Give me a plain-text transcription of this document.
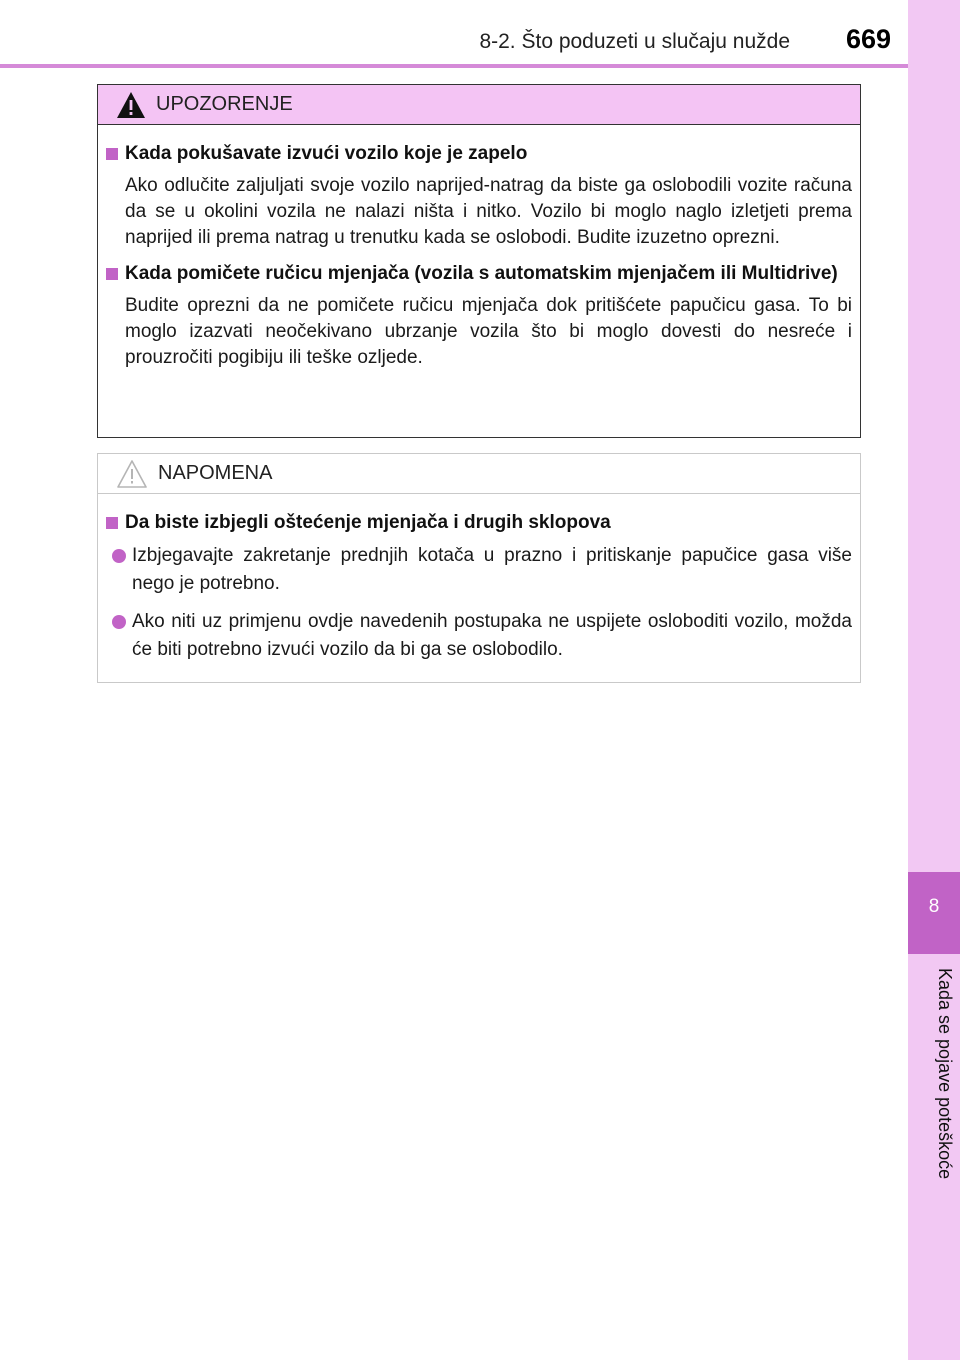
8-2. Što poduzeti u slučaju nužde 669
8
Kada se pojave poteškoće
UPOZORENJE
Kada pokušavate izvući vozilo koje je zapelo

Ako odlučite zaljuljati svoje vozilo naprijed-natrag da biste ga oslobodili vozite računa da se u okolini vozila ne nalazi ništa i nitko. Vozilo bi moglo naglo izletjeti prema naprijed ili prema natrag u trenutku kada se oslobodi. Budite izuzetno oprezni.

Kada pomičete ručicu mjenjača (vozila s automatskim mjenjačem ili Multidrive)

Budite oprezni da ne pomičete ručicu mjenjača dok pritišćete papučicu gasa. To bi moglo izazvati neočekivano ubrzanje vozila što bi moglo dovesti do nesreće i prouzročiti pogibiju ili teške ozljede.

NAPOMENA
Da biste izbjegli oštećenje mjenjača i drugih sklopova
Izbjegavajte zakretanje prednjih kotača u prazno i pritiskanje papučice gasa više nego je potrebno.
Ako niti uz primjenu ovdje navedenih postupaka ne uspijete osloboditi vozilo, možda će biti potrebno izvući vozilo da bi ga se oslobodilo.
